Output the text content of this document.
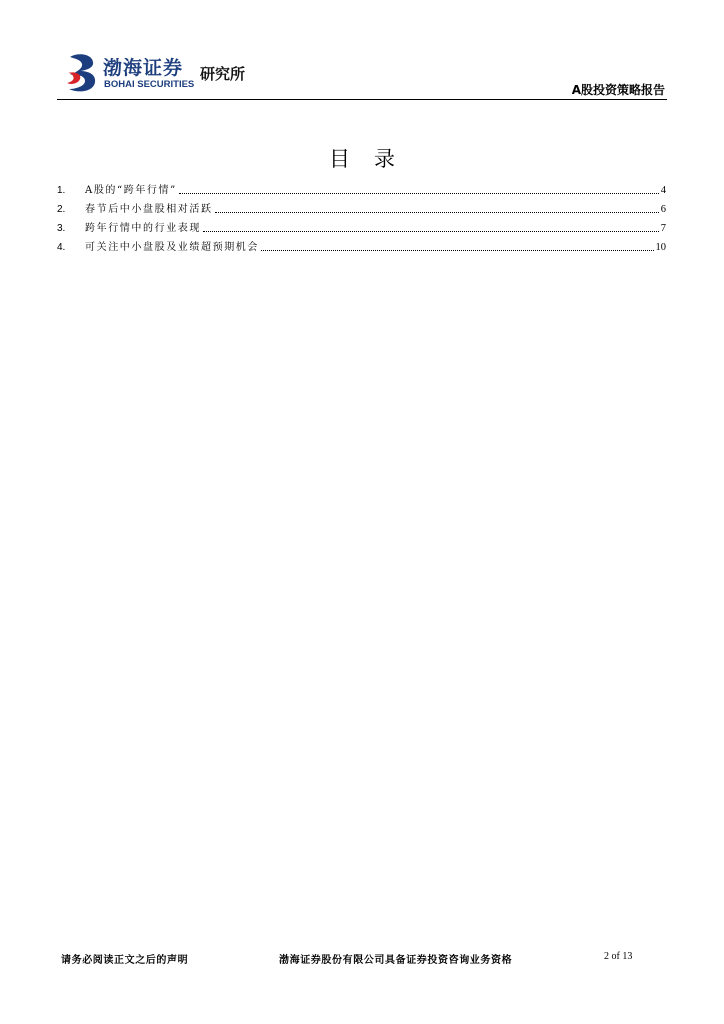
渤海证券
BOHAI SECURITIES
研究所
A股投资策略报告
目录
1.	A股的“跨年行情”	4
2.	春节后中小盘股相对活跃	6
3.	跨年行情中的行业表现	7
4.	可关注中小盘股及业绩超预期机会	10
请务必阅读正文之后的声明	渤海证券股份有限公司具备证券投资咨询业务资格	2 of 13
